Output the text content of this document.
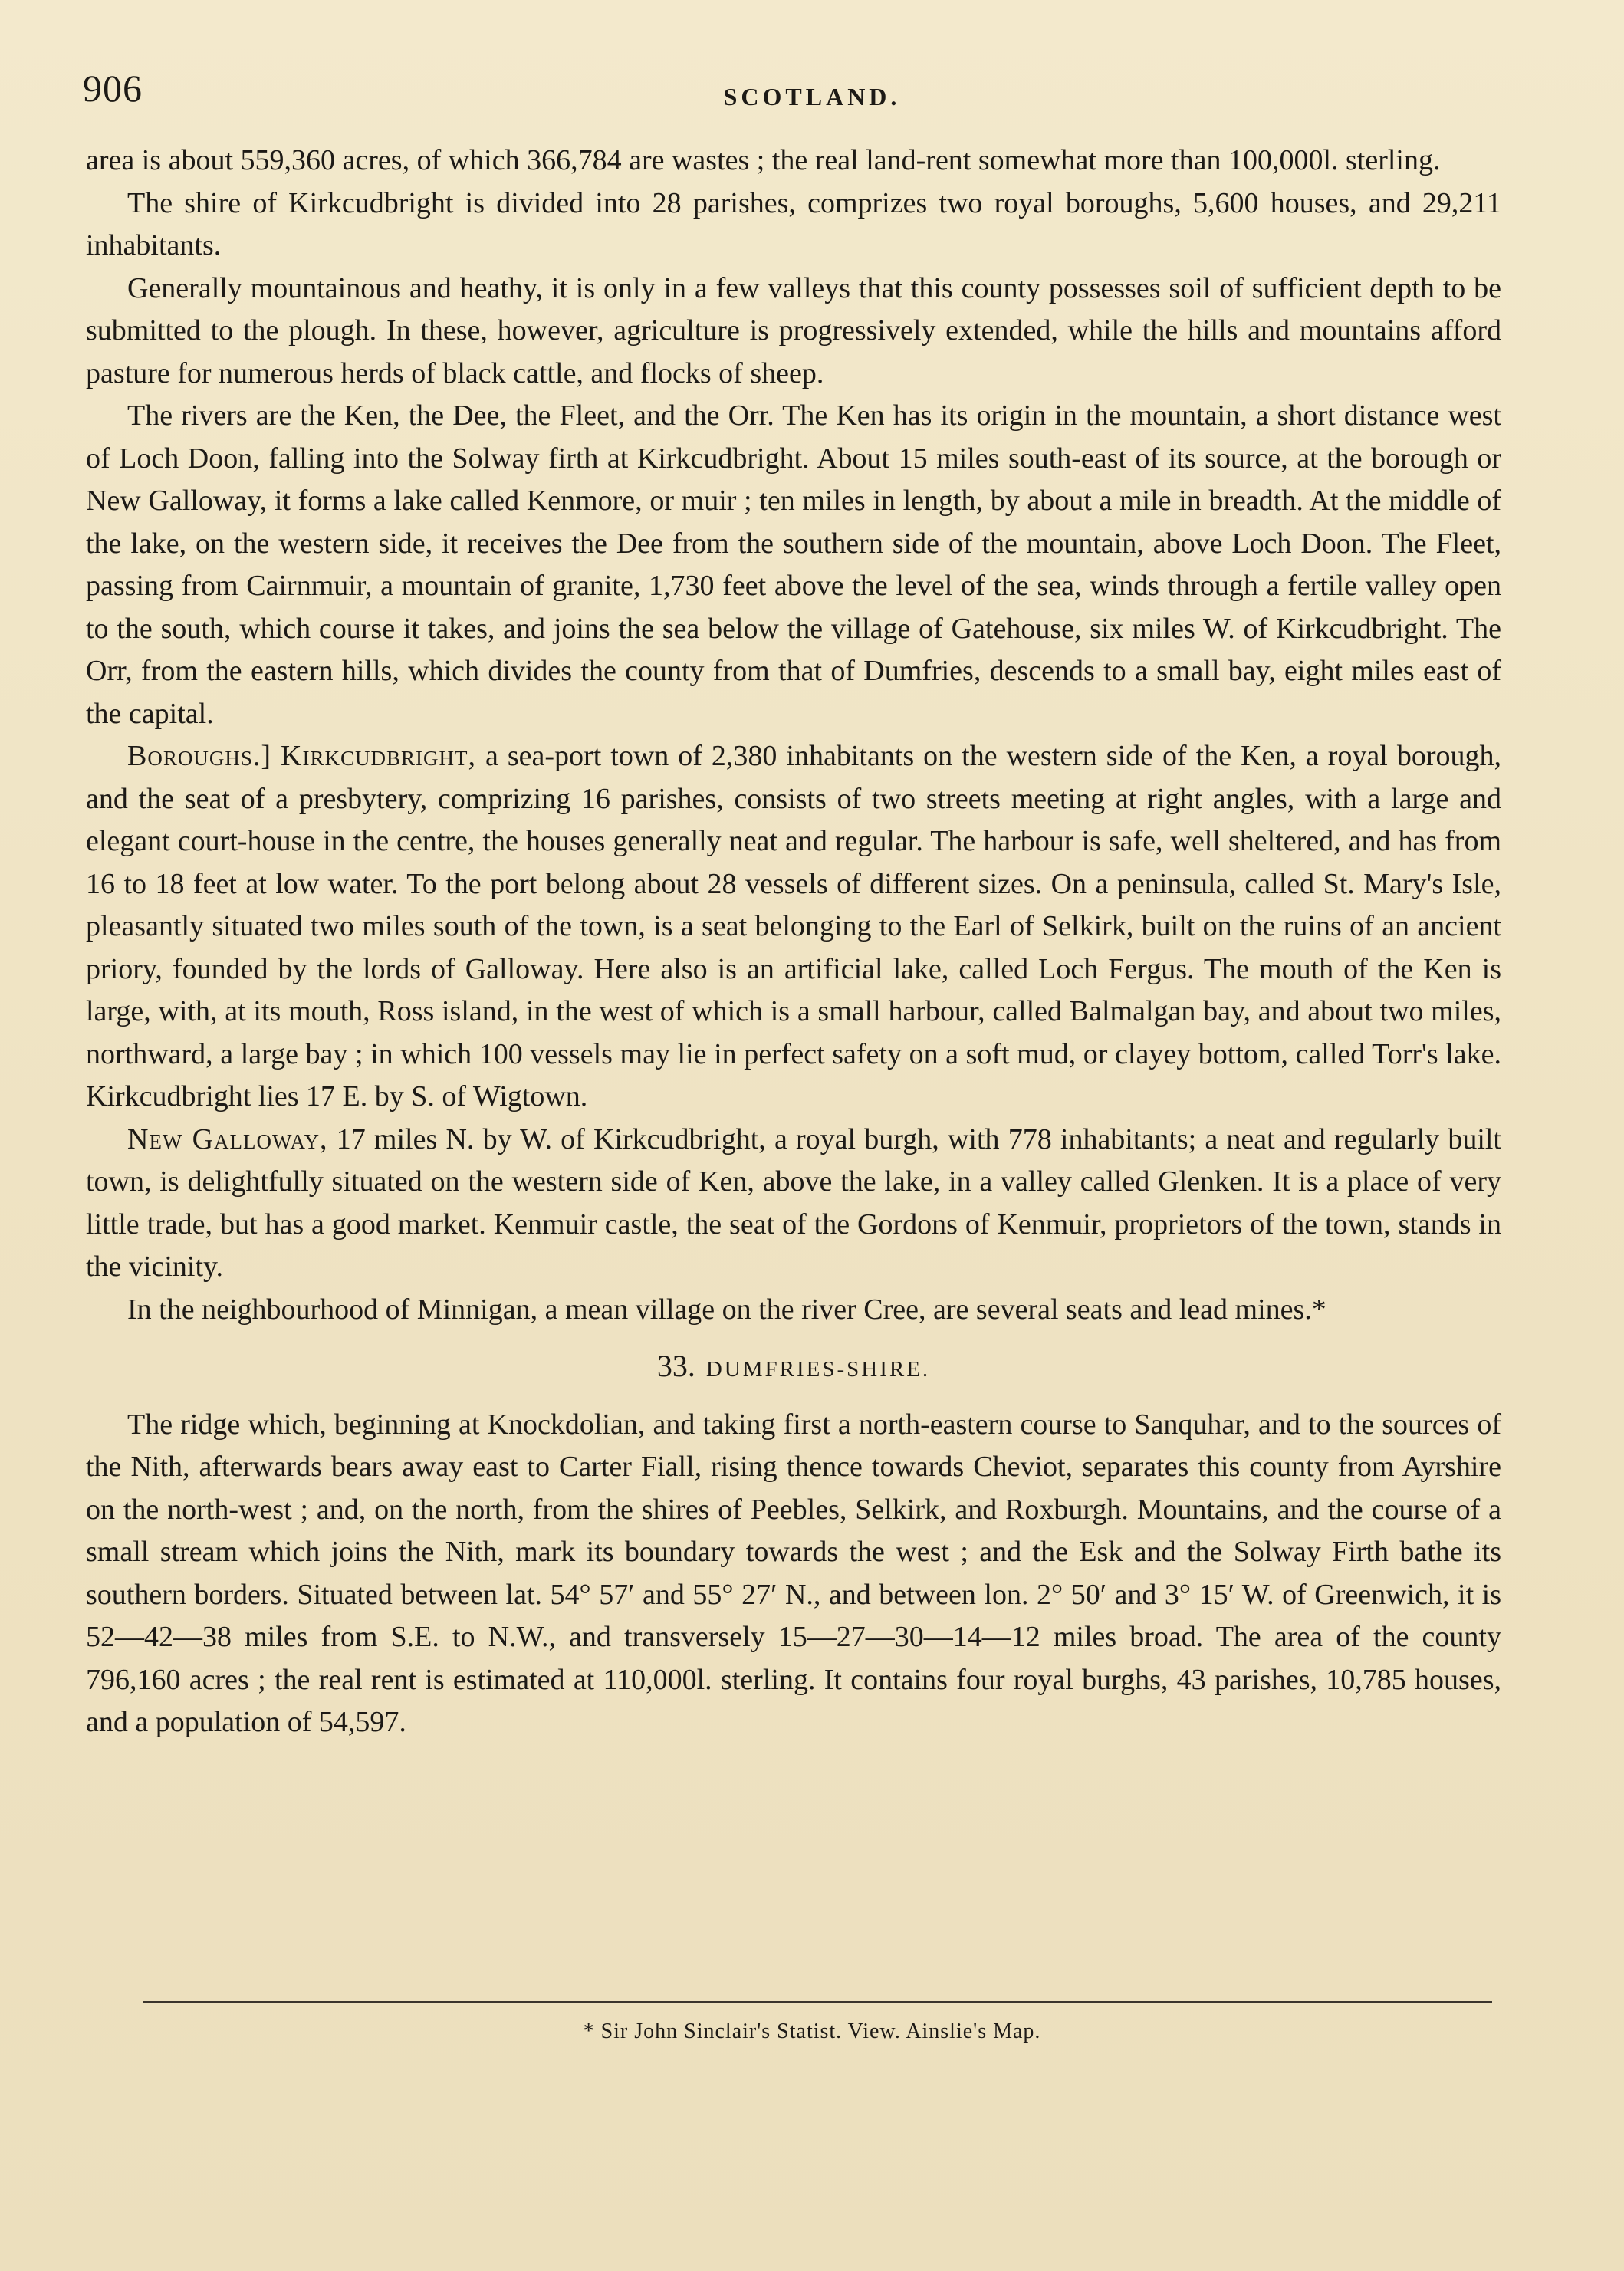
906	SCOTLAND.

area is about 559,360 acres, of which 366,784 are wastes ; the real land-rent somewhat more than 100,000l. sterling.

The shire of Kirkcudbright is divided into 28 parishes, comprizes two royal boroughs, 5,600 houses, and 29,211 inhabitants.

Generally mountainous and heathy, it is only in a few valleys that this county possesses soil of sufficient depth to be submitted to the plough. In these, however, agriculture is progressively extended, while the hills and mountains afford pasture for numerous herds of black cattle, and flocks of sheep.

The rivers are the Ken, the Dee, the Fleet, and the Orr. The Ken has its origin in the mountain, a short distance west of Loch Doon, falling into the Solway firth at Kirkcudbright. About 15 miles south-east of its source, at the borough or New Galloway, it forms a lake called Kenmore, or muir ; ten miles in length, by about a mile in breadth. At the middle of the lake, on the western side, it receives the Dee from the southern side of the mountain, above Loch Doon. The Fleet, passing from Cairnmuir, a mountain of granite, 1,730 feet above the level of the sea, winds through a fertile valley open to the south, which course it takes, and joins the sea below the village of Gatehouse, six miles W. of Kirkcudbright. The Orr, from the eastern hills, which divides the county from that of Dumfries, descends to a small bay, eight miles east of the capital.

Boroughs.] Kirkcudbright, a sea-port town of 2,380 inhabitants on the western side of the Ken, a royal borough, and the seat of a presbytery, comprizing 16 parishes, consists of two streets meeting at right angles, with a large and elegant court-house in the centre, the houses generally neat and regular. The harbour is safe, well sheltered, and has from 16 to 18 feet at low water. To the port belong about 28 vessels of different sizes. On a peninsula, called St. Mary's Isle, pleasantly situated two miles south of the town, is a seat belonging to the Earl of Selkirk, built on the ruins of an ancient priory, founded by the lords of Galloway. Here also is an artificial lake, called Loch Fergus. The mouth of the Ken is large, with, at its mouth, Ross island, in the west of which is a small harbour, called Balmalgan bay, and about two miles, northward, a large bay ; in which 100 vessels may lie in perfect safety on a soft mud, or clayey bottom, called Torr's lake. Kirkcudbright lies 17 E. by S. of Wigtown.

New Galloway, 17 miles N. by W. of Kirkcudbright, a royal burgh, with 778 inhabitants; a neat and regularly built town, is delightfully situated on the western side of Ken, above the lake, in a valley called Glenken. It is a place of very little trade, but has a good market. Kenmuir castle, the seat of the Gordons of Kenmuir, proprietors of the town, stands in the vicinity.

In the neighbourhood of Minnigan, a mean village on the river Cree, are several seats and lead mines.*

33. DUMFRIES-SHIRE.

The ridge which, beginning at Knockdolian, and taking first a north-eastern course to Sanquhar, and to the sources of the Nith, afterwards bears away east to Carter Fiall, rising thence towards Cheviot, separates this county from Ayrshire on the north-west ; and, on the north, from the shires of Peebles, Selkirk, and Roxburgh. Mountains, and the course of a small stream which joins the Nith, mark its boundary towards the west ; and the Esk and the Solway Firth bathe its southern borders. Situated between lat. 54° 57′ and 55° 27′ N., and between lon. 2° 50′ and 3° 15′ W. of Greenwich, it is 52—42—38 miles from S.E. to N.W., and transversely 15—27—30—14—12 miles broad. The area of the county 796,160 acres ; the real rent is estimated at 110,000l. sterling. It contains four royal burghs, 43 parishes, 10,785 houses, and a population of 54,597.

* Sir John Sinclair's Statist. View. Ainslie's Map.
